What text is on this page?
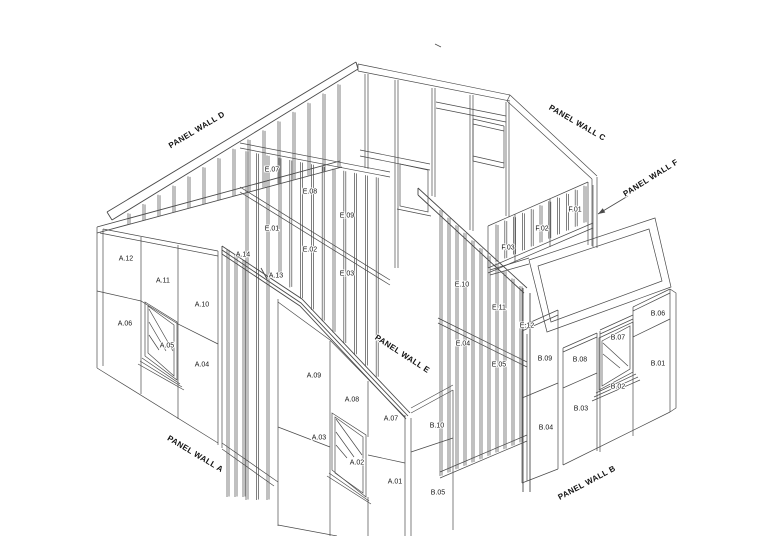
A.12
A.11
A.10
A.06
A.05
A.04
A.14
A.13
A.09
A.08
A.07
A.03
A.02
A.01
B.10
B.05
B.09	B.08
B.07
B.06
B.04
B.03
B.02
B.01
E.07
E.08
E.09
E.01
E.02
E.03
E.10
E.11
E.12
E.04
E.05
F.01
F.02
F.03
PANEL WALL D	PANEL WALL C
PANEL WALL F
PANEL WALL E
PANEL WALL A
PANEL WALL B
